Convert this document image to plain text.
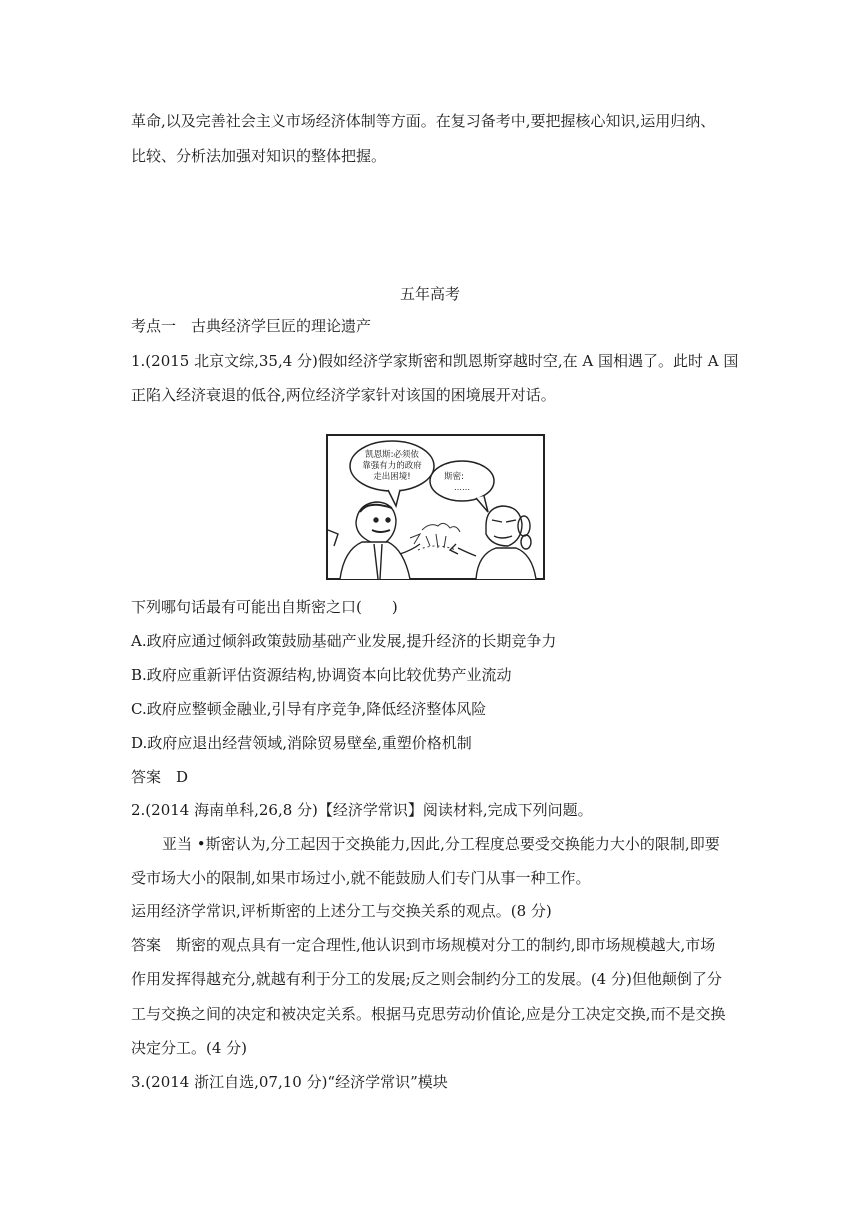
革命,以及完善社会主义市场经济体制等方面。在复习备考中,要把握核心知识,运用归纳、
比较、分析法加强对知识的整体把握。
五年高考
考点一　古典经济学巨匠的理论遗产
1.(2015 北京文综,35,4 分)假如经济学家斯密和凯恩斯穿越时空,在 A 国相遇了。此时 A 国
正陷入经济衰退的低谷,两位经济学家针对该国的困境展开对话。
凯恩斯:必须依
靠强有力的政府
走出困境!	斯密:
……
下列哪句话最有可能出自斯密之口(　　)
A.政府应通过倾斜政策鼓励基础产业发展,提升经济的长期竞争力
B.政府应重新评估资源结构,协调资本向比较优势产业流动
C.政府应整顿金融业,引导有序竞争,降低经济整体风险
D.政府应退出经营领域,消除贸易壁垒,重塑价格机制
答案　D
2.(2014 海南单科,26,8 分)【经济学常识】阅读材料,完成下列问题。
亚当 •斯密认为,分工起因于交换能力,因此,分工程度总要受交换能力大小的限制,即要
受市场大小的限制,如果市场过小,就不能鼓励人们专门从事一种工作。
运用经济学常识,评析斯密的上述分工与交换关系的观点。(8 分)
答案　斯密的观点具有一定合理性,他认识到市场规模对分工的制约,即市场规模越大,市场
作用发挥得越充分,就越有利于分工的发展;反之则会制约分工的发展。(4 分)但他颠倒了分
工与交换之间的决定和被决定关系。根据马克思劳动价值论,应是分工决定交换,而不是交换
决定分工。(4 分)
3.(2014 浙江自选,07,10 分)“经济学常识”模块
